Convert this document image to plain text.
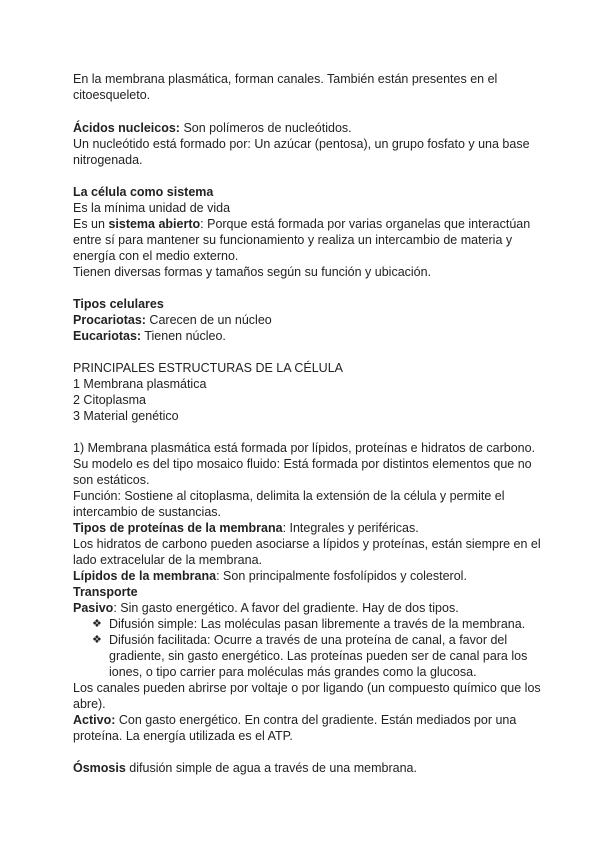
En la membrana plasmática, forman canales. También están presentes en el
citoesqueleto.
Ácidos nucleicos: Son polímeros de nucleótidos.
Un nucleótido está formado por: Un azúcar (pentosa), un grupo fosfato y una base
nitrogenada.
La célula como sistema
Es la mínima unidad de vida
Es un sistema abierto: Porque está formada por varias organelas que interactúan
entre sí para mantener su funcionamiento y realiza un intercambio de materia y
energía con el medio externo.
Tienen diversas formas y tamaños según su función y ubicación.
Tipos celulares
Procariotas: Carecen de un núcleo
Eucariotas: Tienen núcleo.
PRINCIPALES ESTRUCTURAS DE LA CÉLULA
1 Membrana plasmática
2 Citoplasma
3 Material genético
1) Membrana plasmática está formada por lípidos, proteínas e hidratos de carbono.
Su modelo es del tipo mosaico fluido: Está formada por distintos elementos que no
son estáticos.
Función: Sostiene al citoplasma, delimita la extensión de la célula y permite el
intercambio de sustancias.
Tipos de proteínas de la membrana: Integrales y periféricas.
Los hidratos de carbono pueden asociarse a lípidos y proteínas, están siempre en el
lado extracelular de la membrana.
Lípidos de la membrana: Son principalmente fosfolípidos y colesterol.
Transporte
Pasivo: Sin gasto energético. A favor del gradiente. Hay de dos tipos.
❖ Difusión simple: Las moléculas pasan libremente a través de la membrana.
❖ Difusión facilitada: Ocurre a través de una proteína de canal, a favor del
gradiente, sin gasto energético. Las proteínas pueden ser de canal para los
iones, o tipo carrier para moléculas más grandes como la glucosa.
Los canales pueden abrirse por voltaje o por ligando (un compuesto químico que los
abre).
Activo: Con gasto energético. En contra del gradiente. Están mediados por una
proteína. La energía utilizada es el ATP.
Ósmosis difusión simple de agua a través de una membrana.
